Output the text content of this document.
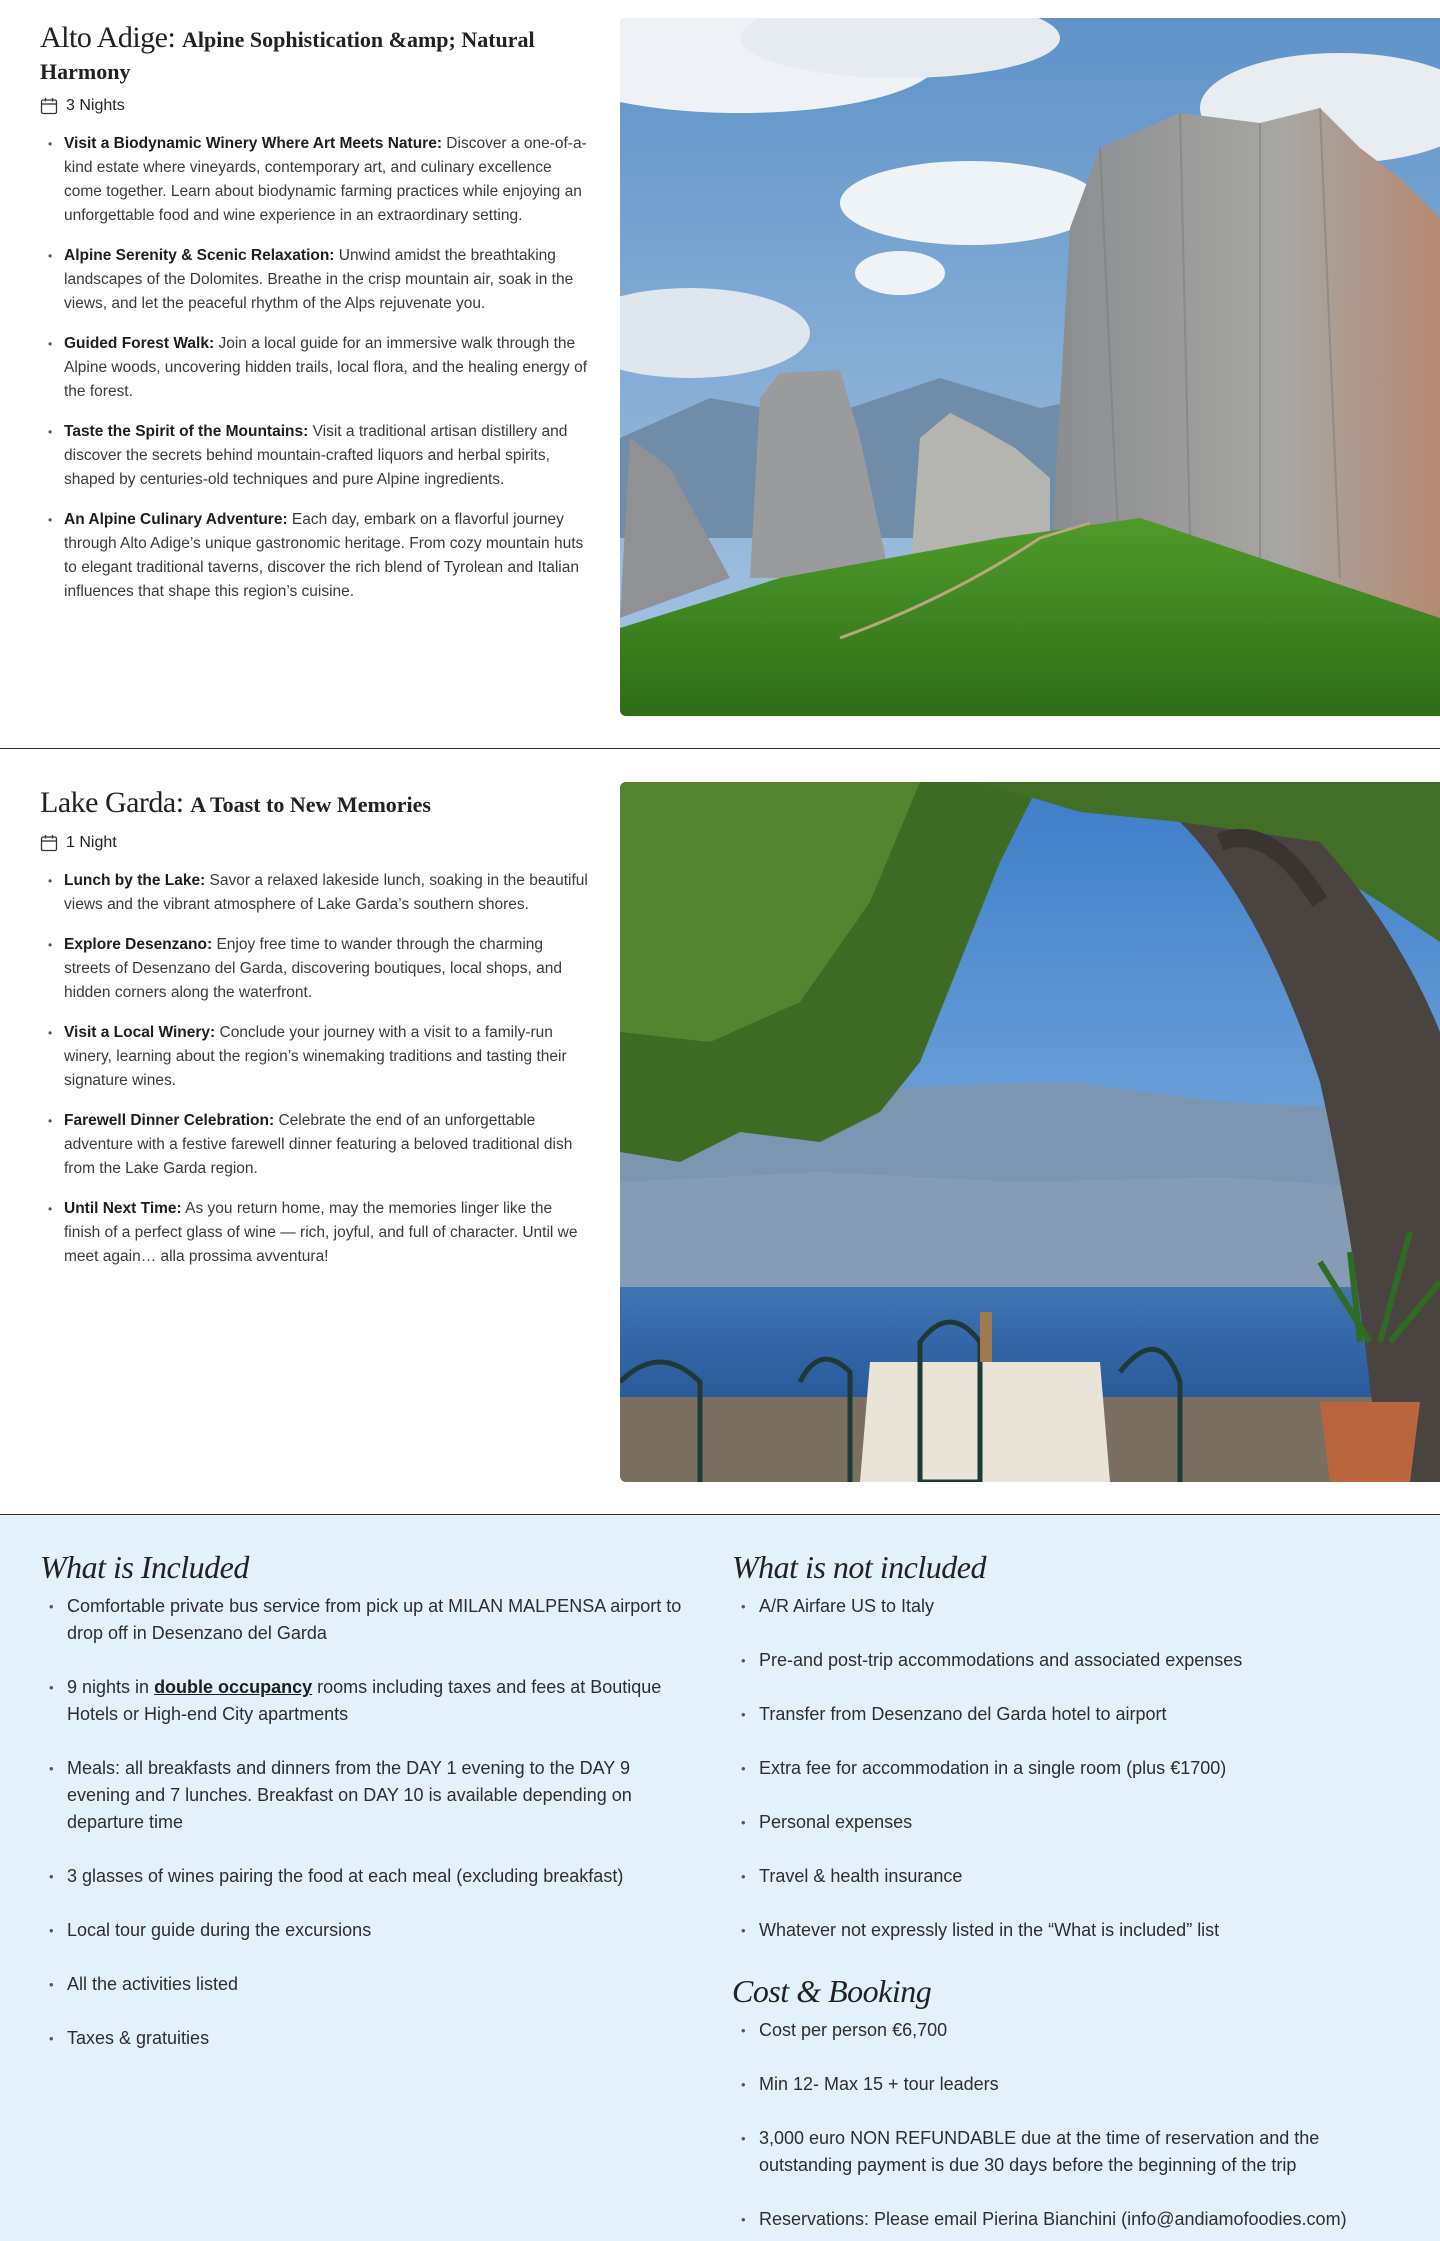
Alto Adige: Alpine Sophistication &amp; Natural Harmony
3 Nights
• Visit a Biodynamic Winery Where Art Meets Nature: Discover a one-of-a-kind estate where vineyards, contemporary art, and culinary excellence come together. Learn about biodynamic farming practices while enjoying an unforgettable food and wine experience in an extraordinary setting.
• Alpine Serenity & Scenic Relaxation: Unwind amidst the breathtaking landscapes of the Dolomites. Breathe in the crisp mountain air, soak in the views, and let the peaceful rhythm of the Alps rejuvenate you.
• Guided Forest Walk: Join a local guide for an immersive walk through the Alpine woods, uncovering hidden trails, local flora, and the healing energy of the forest.
• Taste the Spirit of the Mountains: Visit a traditional artisan distillery and discover the secrets behind mountain-crafted liquors and herbal spirits, shaped by centuries-old techniques and pure Alpine ingredients.
• An Alpine Culinary Adventure: Each day, embark on a flavorful journey through Alto Adige’s unique gastronomic heritage. From cozy mountain huts to elegant traditional taverns, discover the rich blend of Tyrolean and Italian influences that shape this region’s cuisine.
Lake Garda: A Toast to New Memories
1 Night
• Lunch by the Lake: Savor a relaxed lakeside lunch, soaking in the beautiful views and the vibrant atmosphere of Lake Garda’s southern shores.
• Explore Desenzano: Enjoy free time to wander through the charming streets of Desenzano del Garda, discovering boutiques, local shops, and hidden corners along the waterfront.
• Visit a Local Winery: Conclude your journey with a visit to a family-run winery, learning about the region’s winemaking traditions and tasting their signature wines.
• Farewell Dinner Celebration: Celebrate the end of an unforgettable adventure with a festive farewell dinner featuring a beloved traditional dish from the Lake Garda region.
• Until Next Time: As you return home, may the memories linger like the finish of a perfect glass of wine — rich, joyful, and full of character. Until we meet again… alla prossima avventura!
What is Included
• Comfortable private bus service from pick up at MILAN MALPENSA airport to drop off in Desenzano del Garda
• 9 nights in double occupancy rooms including taxes and fees at Boutique Hotels or High-end City apartments
• Meals: all breakfasts and dinners from the DAY 1 evening to the DAY 9 evening and 7 lunches. Breakfast on DAY 10 is available depending on departure time
• 3 glasses of wines pairing the food at each meal (excluding breakfast)
• Local tour guide during the excursions
• All the activities listed
• Taxes & gratuities
What is not included
• A/R Airfare US to Italy
• Pre-and post-trip accommodations and associated expenses
• Transfer from Desenzano del Garda hotel to airport
• Extra fee for accommodation in a single room (plus €1700)
• Personal expenses
• Travel & health insurance
• Whatever not expressly listed in the “What is included” list
Cost & Booking
• Cost per person €6,700
• Min 12- Max 15 + tour leaders
• 3,000 euro NON REFUNDABLE due at the time of reservation and the outstanding payment is due 30 days before the beginning of the trip
• Reservations: Please email Pierina Bianchini (info@andiamofoodies.com)
